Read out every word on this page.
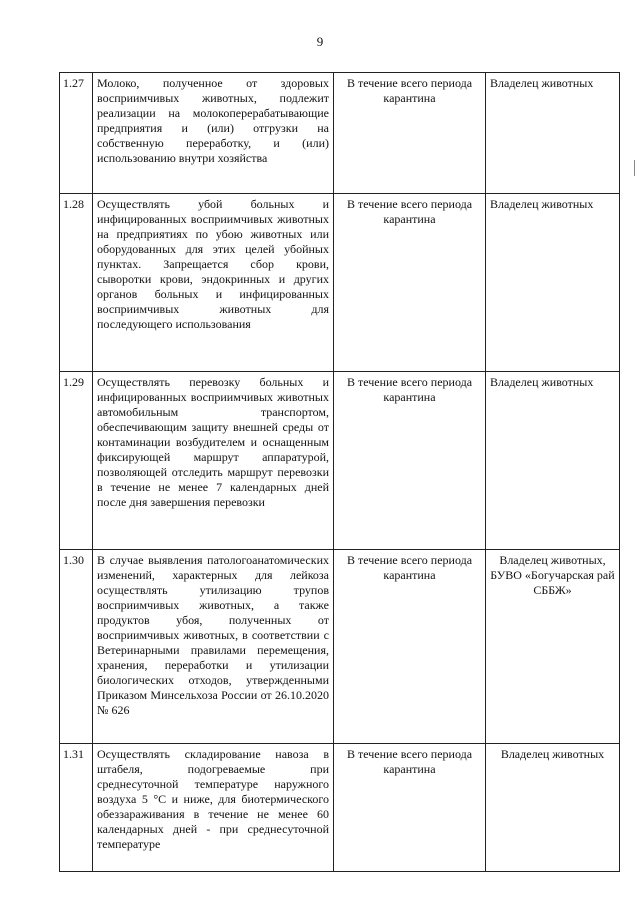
9
1.27	Молоко, полученное от здоровых восприимчивых животных, подлежит реализации на молокоперерабатывающие предприятия и (или) отгрузки на собственную переработку, и (или) использованию внутри хозяйства	В течение всего периода карантина	Владелец животных
1.28	Осуществлять убой больных и инфицированных восприимчивых животных на предприятиях по убою животных или оборудованных для этих целей убойных пунктах. Запрещается сбор крови, сыворотки крови, эндокринных и других органов больных и инфицированных восприимчивых животных для последующего использования	В течение всего периода карантина	Владелец животных
1.29	Осуществлять перевозку больных и инфицированных восприимчивых животных автомобильным транспортом, обеспечивающим защиту внешней среды от контаминации возбудителем и оснащенным фиксирующей маршрут аппаратурой, позволяющей отследить маршрут перевозки в течение не менее 7 календарных дней после дня завершения перевозки	В течение всего периода карантина	Владелец животных
1.30	В случае выявления патологоанатомических изменений, характерных для лейкоза осуществлять утилизацию трупов восприимчивых животных, а также продуктов убоя, полученных от восприимчивых животных, в соответствии с Ветеринарными правилами перемещения, хранения, переработки и утилизации биологических отходов, утвержденными Приказом Минсельхоза России от 26.10.2020 № 626	В течение всего периода карантина	Владелец животных, БУВО «Богучарская рай СББЖ»
1.31	Осуществлять складирование навоза в штабеля, подогреваемые при среднесуточной температуре наружного воздуха 5 °С и ниже, для биотермического обеззараживания в течение не менее 60 календарных дней - при среднесуточной температуре	В течение всего периода карантина	Владелец животных
